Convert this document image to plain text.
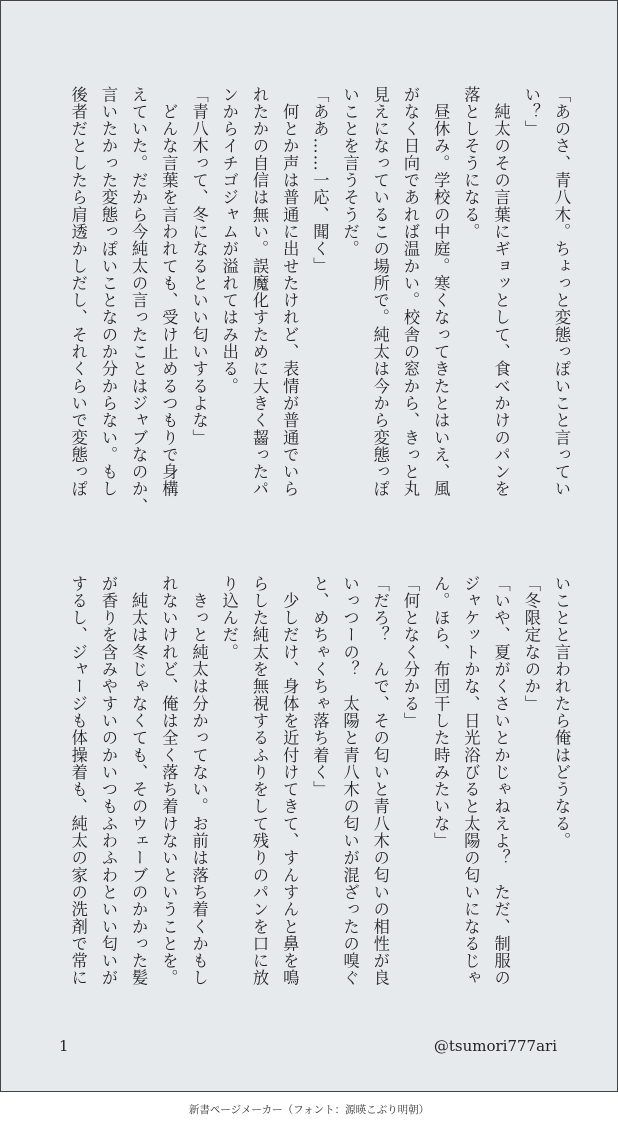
「あのさ、青八木。ちょっと変態っぽいこと言ってい
い？」
　純太のその言葉にギョッとして、食べかけのパンを
落としそうになる。
　昼休み。学校の中庭。寒くなってきたとはいえ、風
がなく日向であれば温かい。校舎の窓から、きっと丸
見えになっているこの場所で。純太は今から変態っぽ
いことを言うそうだ。
「ああ……一応、聞く」
　何とか声は普通に出せたけれど、表情が普通でいら
れたかの自信は無い。誤魔化すために大きく齧ったパ
ンからイチゴジャムが溢れてはみ出る。
「青八木って、冬になるといい匂いするよな」
　どんな言葉を言われても、受け止めるつもりで身構
えていた。だから今純太の言ったことはジャブなのか、
言いたかった変態っぽいことなのか分からない。もし
後者だとしたら肩透かしだし、それくらいで変態っぽ
いことと言われたら俺はどうなる。
「冬限定なのか」
「いや、夏がくさいとかじゃねえよ？　ただ、制服の
ジャケットかな、日光浴びると太陽の匂いになるじゃ
ん。ほら、布団干した時みたいな」
「何となく分かる」
「だろ？　んで、その匂いと青八木の匂いの相性が良
いっつーの？　太陽と青八木の匂いが混ざったの嗅ぐ
と、めちゃくちゃ落ち着く」
　少しだけ、身体を近付けてきて、すんすんと鼻を鳴
らした純太を無視するふりをして残りのパンを口に放
り込んだ。
　きっと純太は分かってない。お前は落ち着くかもし
れないけれど、俺は全く落ち着けないということを。
　純太は冬じゃなくても、そのウェーブのかかった髪
が香りを含みやすいのかいつもふわふわといい匂いが
するし、ジャージも体操着も、純太の家の洗剤で常に
1	@tsumori777ari
新書ページメーカー（フォント：源暎こぶり明朝）
